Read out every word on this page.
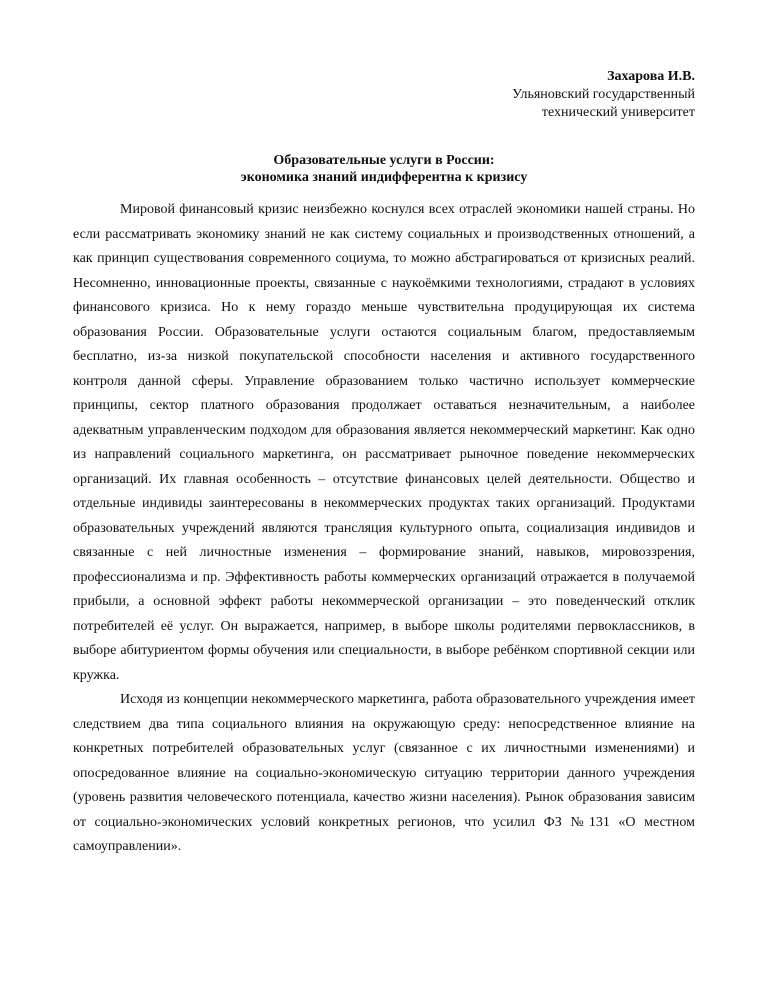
Захарова И.В.
Ульяновский государственный
технический университет
Образовательные услуги в России:
экономика знаний индифферентна к кризису

Мировой финансовый кризис неизбежно коснулся всех отраслей экономики нашей страны. Но если рассматривать экономику знаний не как систему социальных и производственных отношений, а как принцип существования современного социума, то можно абстрагироваться от кризисных реалий. Несомненно, инновационные проекты, связанные с наукоёмкими технологиями, страдают в условиях финансового кризиса. Но к нему гораздо меньше чувствительна продуцирующая их система образования России. Образовательные услуги остаются социальным благом, предоставляемым бесплатно, из-за низкой покупательской способности населения и активного государственного контроля данной сферы. Управление образованием только частично использует коммерческие принципы, сектор платного образования продолжает оставаться незначительным, а наиболее адекватным управленческим подходом для образования является некоммерческий маркетинг. Как одно из направлений социального маркетинга, он рассматривает рыночное поведение некоммерческих организаций. Их главная особенность – отсутствие финансовых целей деятельности. Общество и отдельные индивиды заинтересованы в некоммерческих продуктах таких организаций. Продуктами образовательных учреждений являются трансляция культурного опыта, социализация индивидов и связанные с ней личностные изменения – формирование знаний, навыков, мировоззрения, профессионализма и пр. Эффективность работы коммерческих организаций отражается в получаемой прибыли, а основной эффект работы некоммерческой организации – это поведенческий отклик потребителей её услуг. Он выражается, например, в выборе школы родителями первоклассников, в выборе абитуриентом формы обучения или специальности, в выборе ребёнком спортивной секции или кружка.

Исходя из концепции некоммерческого маркетинга, работа образовательного учреждения имеет следствием два типа социального влияния на окружающую среду: непосредственное влияние на конкретных потребителей образовательных услуг (связанное с их личностными изменениями) и опосредованное влияние на социально-экономическую ситуацию территории данного учреждения (уровень развития человеческого потенциала, качество жизни населения). Рынок образования зависим от социально-экономических условий конкретных регионов, что усилил ФЗ №131 «О местном самоуправлении».
